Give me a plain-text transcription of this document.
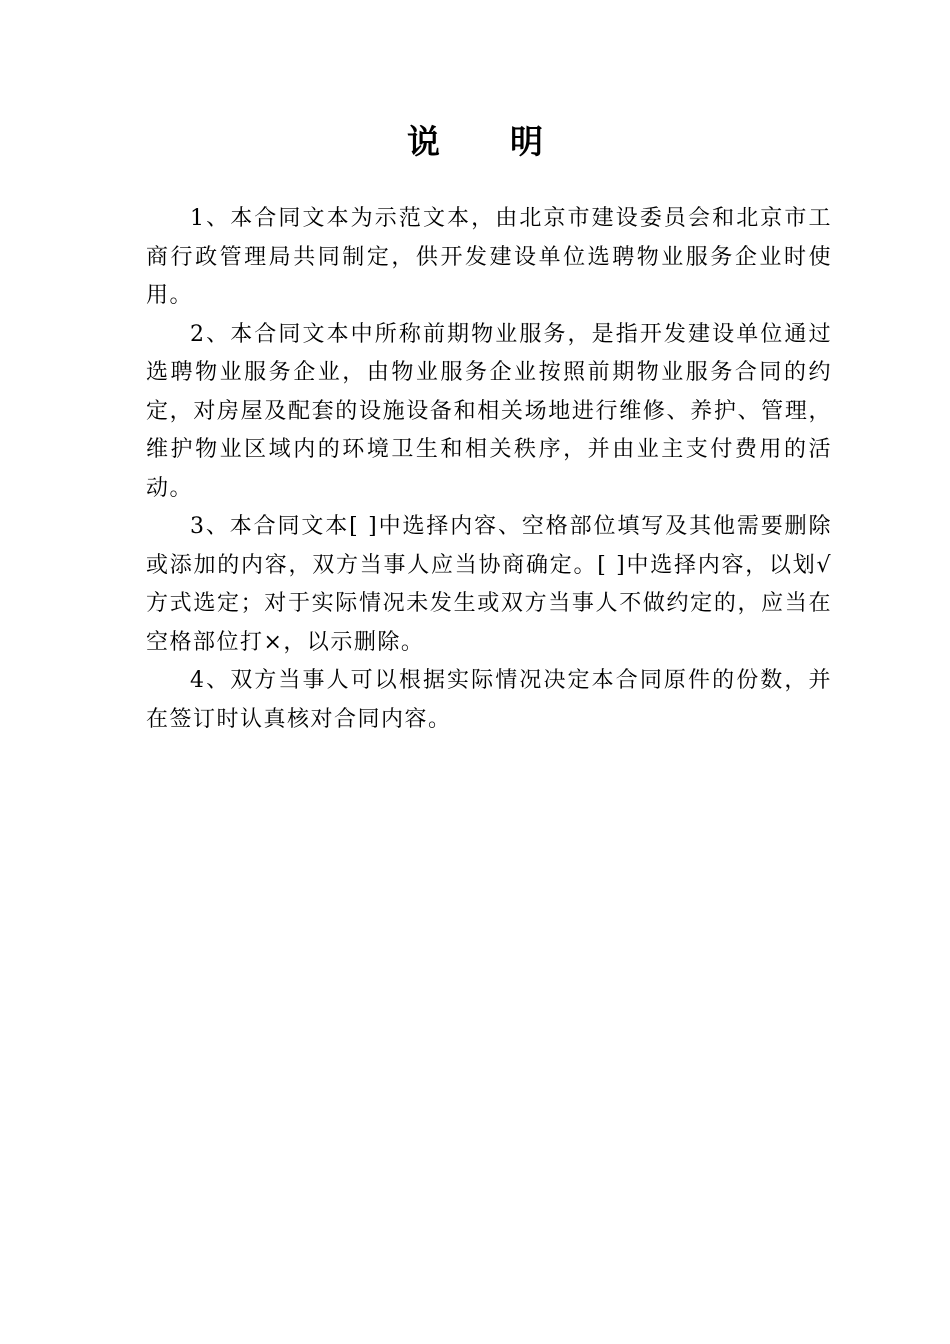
说 明

1、本合同文本为示范文本，由北京市建设委员会和北京市工商行政管理局共同制定，供开发建设单位选聘物业服务企业时使用。

2、本合同文本中所称前期物业服务，是指开发建设单位通过选聘物业服务企业，由物业服务企业按照前期物业服务合同的约定，对房屋及配套的设施设备和相关场地进行维修、养护、管理，维护物业区域内的环境卫生和相关秩序，并由业主支付费用的活动。

3、本合同文本[ ]中选择内容、空格部位填写及其他需要删除或添加的内容，双方当事人应当协商确定。[ ]中选择内容，以划√方式选定；对于实际情况未发生或双方当事人不做约定的，应当在空格部位打×，以示删除。

4、双方当事人可以根据实际情况决定本合同原件的份数，并在签订时认真核对合同内容。
